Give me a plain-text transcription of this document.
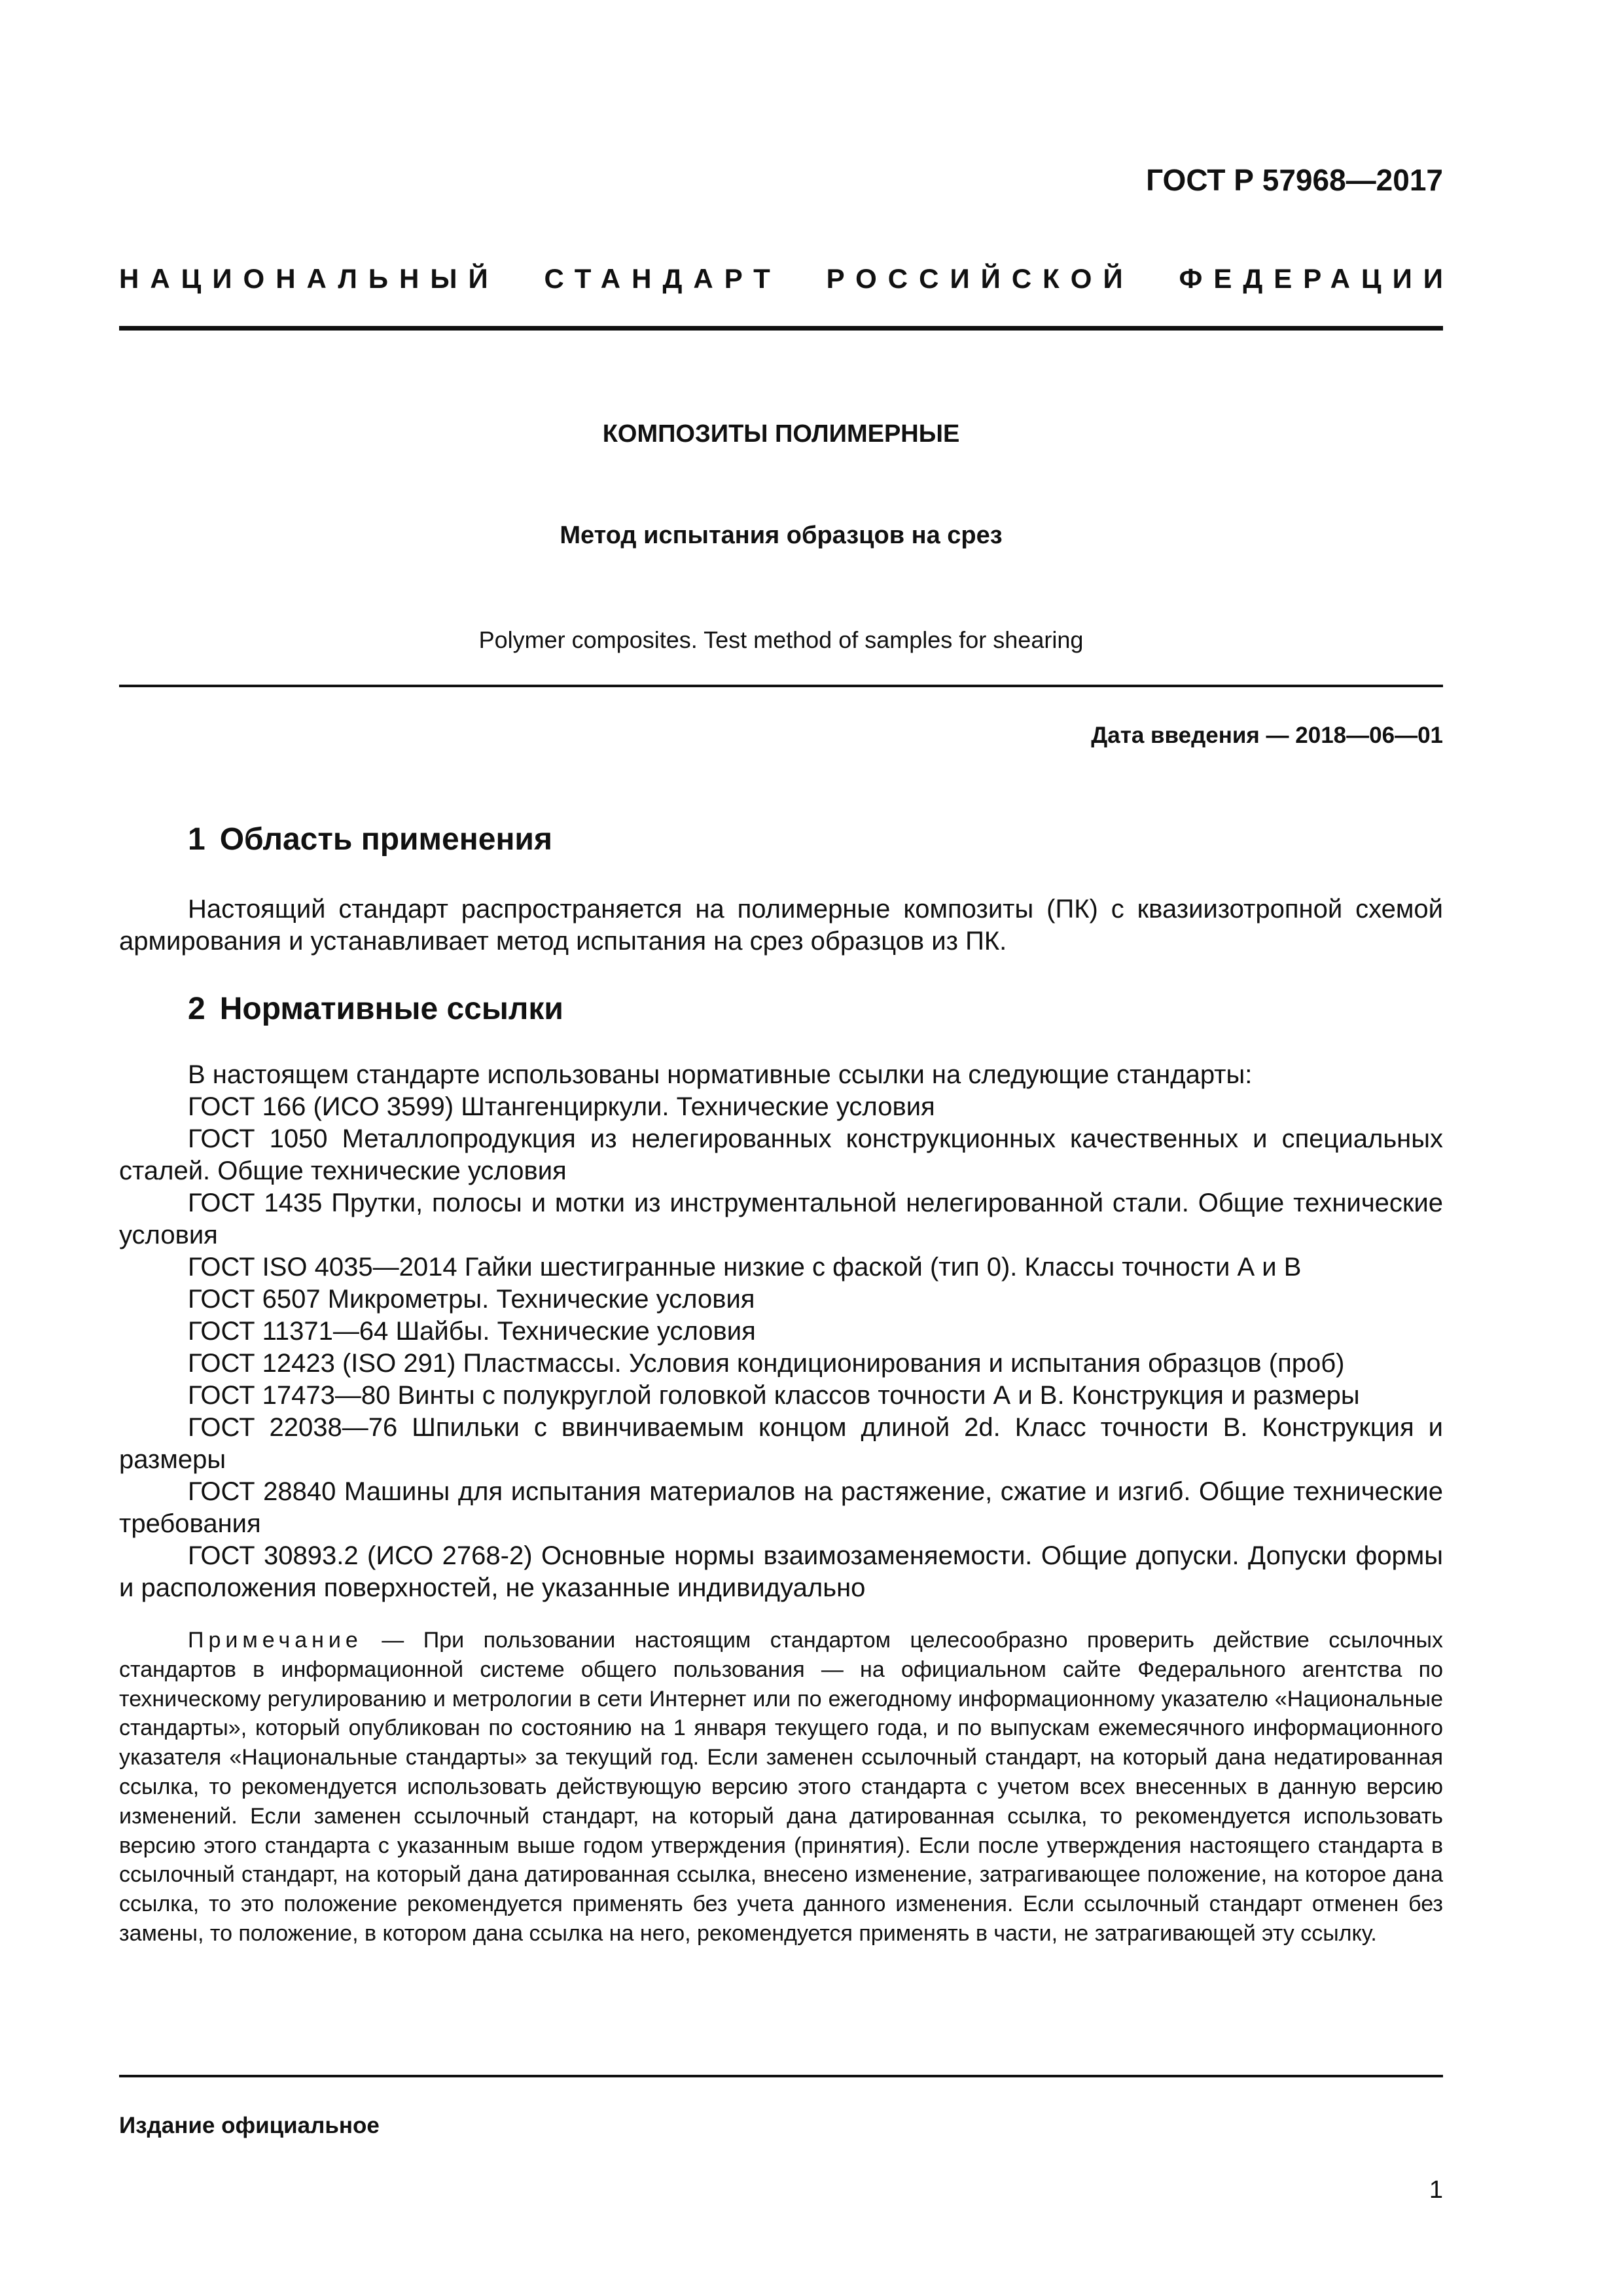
ГОСТ Р 57968—2017
НАЦИОНАЛЬНЫЙ СТАНДАРТ РОССИЙСКОЙ ФЕДЕРАЦИИ
КОМПОЗИТЫ ПОЛИМЕРНЫЕ
Метод испытания образцов на срез
Polymer composites. Test method of samples for shearing
Дата введения — 2018—06—01
1 Область применения

Настоящий стандарт распространяется на полимерные композиты (ПК) с квазиизотропной схемой армирования и устанавливает метод испытания на срез образцов из ПК.

2 Нормативные ссылки

В настоящем стандарте использованы нормативные ссылки на следующие стандарты:

ГОСТ 166 (ИСО 3599) Штангенциркули. Технические условия

ГОСТ 1050 Металлопродукция из нелегированных конструкционных качественных и специальных сталей. Общие технические условия

ГОСТ 1435 Прутки, полосы и мотки из инструментальной нелегированной стали. Общие технические условия

ГОСТ ISO 4035—2014 Гайки шестигранные низкие с фаской (тип 0). Классы точности А и В

ГОСТ 6507 Микрометры. Технические условия

ГОСТ 11371—64 Шайбы. Технические условия

ГОСТ 12423 (ISO 291) Пластмассы. Условия кондиционирования и испытания образцов (проб)

ГОСТ 17473—80 Винты с полукруглой головкой классов точности А и В. Конструкция и размеры

ГОСТ 22038—76 Шпильки с ввинчиваемым концом длиной 2d. Класс точности В. Конструкция и размеры

ГОСТ 28840 Машины для испытания материалов на растяжение, сжатие и изгиб. Общие технические требования

ГОСТ 30893.2 (ИСО 2768-2) Основные нормы взаимозаменяемости. Общие допуски. Допуски формы и расположения поверхностей, не указанные индивидуально

Примечание — При пользовании настоящим стандартом целесообразно проверить действие ссылочных стандартов в информационной системе общего пользования — на официальном сайте Федерального агентства по техническому регулированию и метрологии в сети Интернет или по ежегодному информационному указателю «Национальные стандарты», который опубликован по состоянию на 1 января текущего года, и по выпускам ежемесячного информационного указателя «Национальные стандарты» за текущий год. Если заменен ссылочный стандарт, на который дана недатированная ссылка, то рекомендуется использовать действующую версию этого стандарта с учетом всех внесенных в данную версию изменений. Если заменен ссылочный стандарт, на который дана датированная ссылка, то рекомендуется использовать версию этого стандарта с указанным выше годом утверждения (принятия). Если после утверждения настоящего стандарта в ссылочный стандарт, на который дана датированная ссылка, внесено изменение, затрагивающее положение, на которое дана ссылка, то это положение рекомендуется применять без учета данного изменения. Если ссылочный стандарт отменен без замены, то положение, в котором дана ссылка на него, рекомендуется применять в части, не затрагивающей эту ссылку.

Издание официальное
1
